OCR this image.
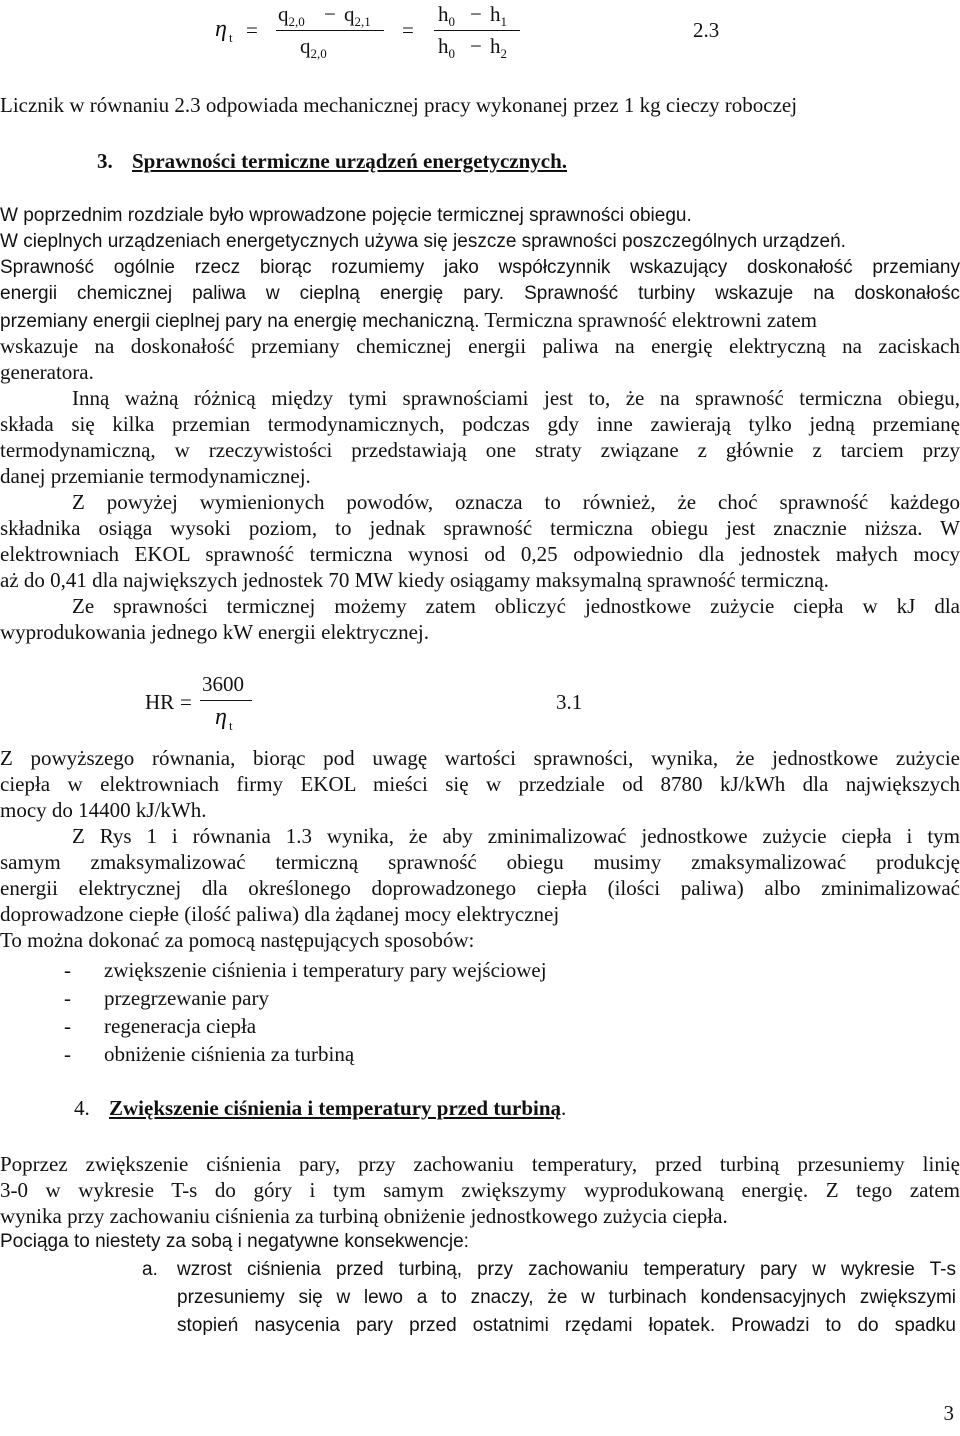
η t =
$q_{2,0} - q_{2,1}$
$q_{2,0}$
=
$h_0 - h_1$
$h_0 - h_2$
2.3
Licznik w równaniu 2.3 odpowiada mechanicznej pracy wykonanej przez 1 kg cieczy roboczej
3. Sprawności termiczne urządzeń energetycznych.
W poprzednim rozdziale było wprowadzone pojęcie termicznej sprawności obiegu.
W cieplnych urządzeniach energetycznych używa się jeszcze sprawności poszczególnych urządzeń.
Sprawność ogólnie rzecz biorąc rozumiemy jako współczynnik wskazujący doskonałość przemiany
energii chemicznej paliwa w cieplną energię pary. Sprawność turbiny wskazuje na doskonałośc
przemiany energii cieplnej pary na energię mechaniczną. Termiczna sprawność elektrowni zatem
wskazuje na doskonałość przemiany chemicznej energii paliwa na energię elektryczną na zaciskach
generatora.
Inną ważną różnicą między tymi sprawnościami jest to, że na sprawność termiczna obiegu,
składa się kilka przemian termodynamicznych, podczas gdy inne zawierają tylko jedną przemianę
termodynamiczną, w rzeczywistości przedstawiają one straty związane z głównie z tarciem przy
danej przemianie termodynamicznej.
Z powyżej wymienionych powodów, oznacza to również, że choć sprawność każdego
składnika osiąga wysoki poziom, to jednak sprawność termiczna obiegu jest znacznie niższa. W
elektrowniach EKOL sprawność termiczna wynosi od 0,25 odpowiednio dla jednostek małych mocy
aż do 0,41 dla największych jednostek 70 MW kiedy osiągamy maksymalną sprawność termiczną.
Ze sprawności termicznej możemy zatem obliczyć jednostkowe zużycie ciepła w kJ dla
wyprodukowania jednego kW energii elektrycznej.
HR =
3600
η t
3.1
Z powyższego równania, biorąc pod uwagę wartości sprawności, wynika, że jednostkowe zużycie
ciepła w elektrowniach firmy EKOL mieści się w przedziale od 8780 kJ/kWh dla największych
mocy do 14400 kJ/kWh.
Z Rys 1 i równania 1.3 wynika, że aby zminimalizować jednostkowe zużycie ciepła i tym
samym zmaksymalizować termiczną sprawność obiegu musimy zmaksymalizować produkcję
energii elektrycznej dla określonego doprowadzonego ciepła (ilości paliwa) albo zminimalizować
doprowadzone ciepłe (ilość paliwa) dla żądanej mocy elektrycznej
To można dokonać za pomocą następujących sposobów:
- zwiększenie ciśnienia i temperatury pary wejściowej
- przegrzewanie pary
- regeneracja ciepła
- obniżenie ciśnienia za turbiną
4. Zwiększenie ciśnienia i temperatury przed turbiną.
Poprzez zwiększenie ciśnienia pary, przy zachowaniu temperatury, przed turbiną przesuniemy linię
3-0 w wykresie T-s do góry i tym samym zwiększymy wyprodukowaną energię. Z tego zatem
wynika przy zachowaniu ciśnienia za turbiną obniżenie jednostkowego zużycia ciepła.
Pociąga to niestety za sobą i negatywne konsekwencje:
a.	wzrost ciśnienia przed turbiną, przy zachowaniu temperatury pary w wykresie T-s
przesuniemy się w lewo a to znaczy, że w turbinach kondensacyjnych zwiększymi
stopień nasycenia pary przed ostatnimi rzędami łopatek. Prowadzi to do spadku
3
